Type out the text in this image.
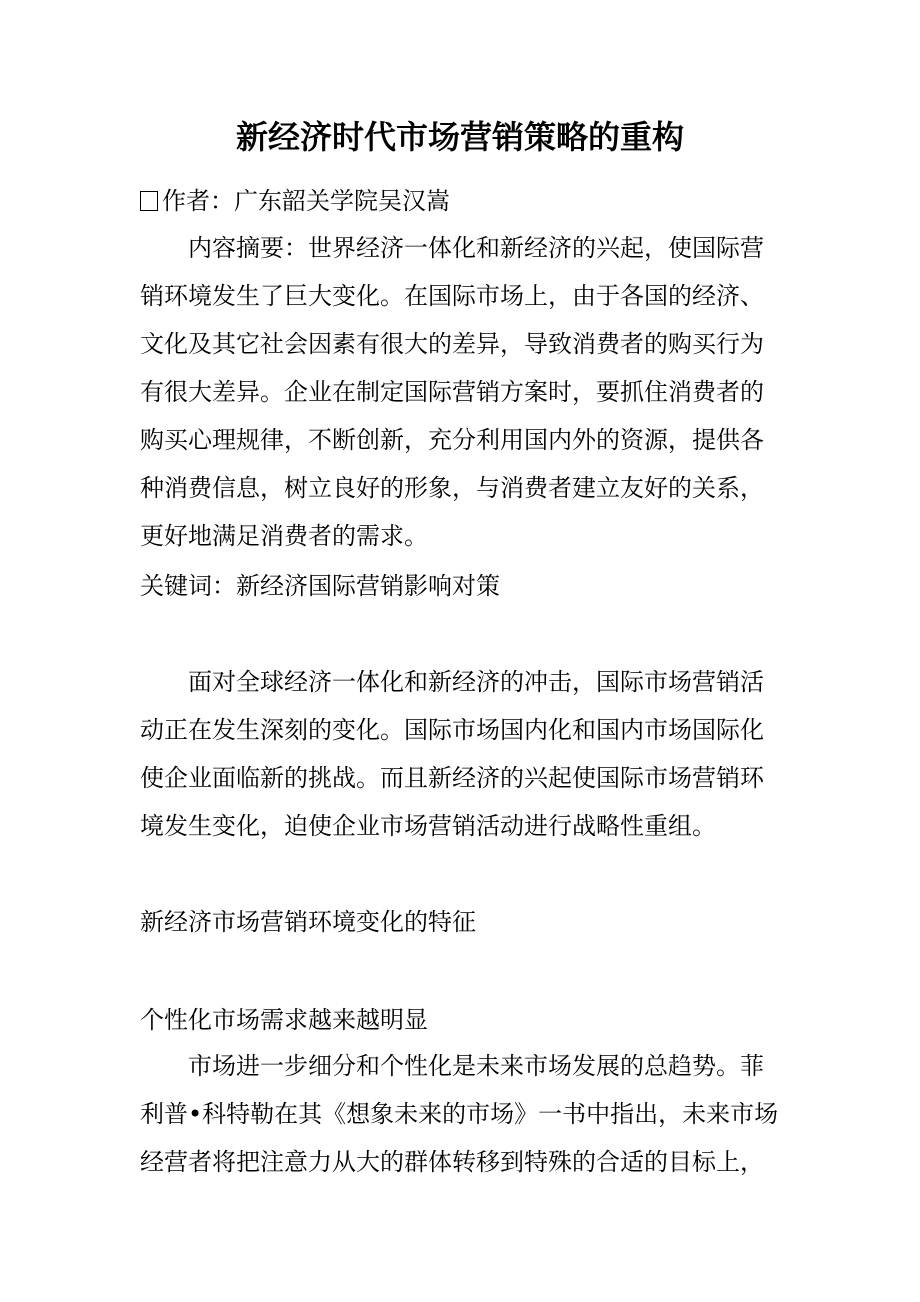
新经济时代市场营销策略的重构
作者：广东韶关学院吴汉嵩
内容摘要：世界经济一体化和新经济的兴起，使国际营
销环境发生了巨大变化。在国际市场上，由于各国的经济、
文化及其它社会因素有很大的差异，导致消费者的购买行为
有很大差异。企业在制定国际营销方案时，要抓住消费者的
购买心理规律，不断创新，充分利用国内外的资源，提供各
种消费信息，树立良好的形象，与消费者建立友好的关系，
更好地满足消费者的需求。
关键词：新经济国际营销影响对策
面对全球经济一体化和新经济的冲击，国际市场营销活
动正在发生深刻的变化。国际市场国内化和国内市场国际化
使企业面临新的挑战。而且新经济的兴起使国际市场营销环
境发生变化，迫使企业市场营销活动进行战略性重组。
新经济市场营销环境变化的特征
个性化市场需求越来越明显
市场进一步细分和个性化是未来市场发展的总趋势。菲
利普•科特勒在其《想象未来的市场》一书中指出，未来市场
经营者将把注意力从大的群体转移到特殊的合适的目标上，
